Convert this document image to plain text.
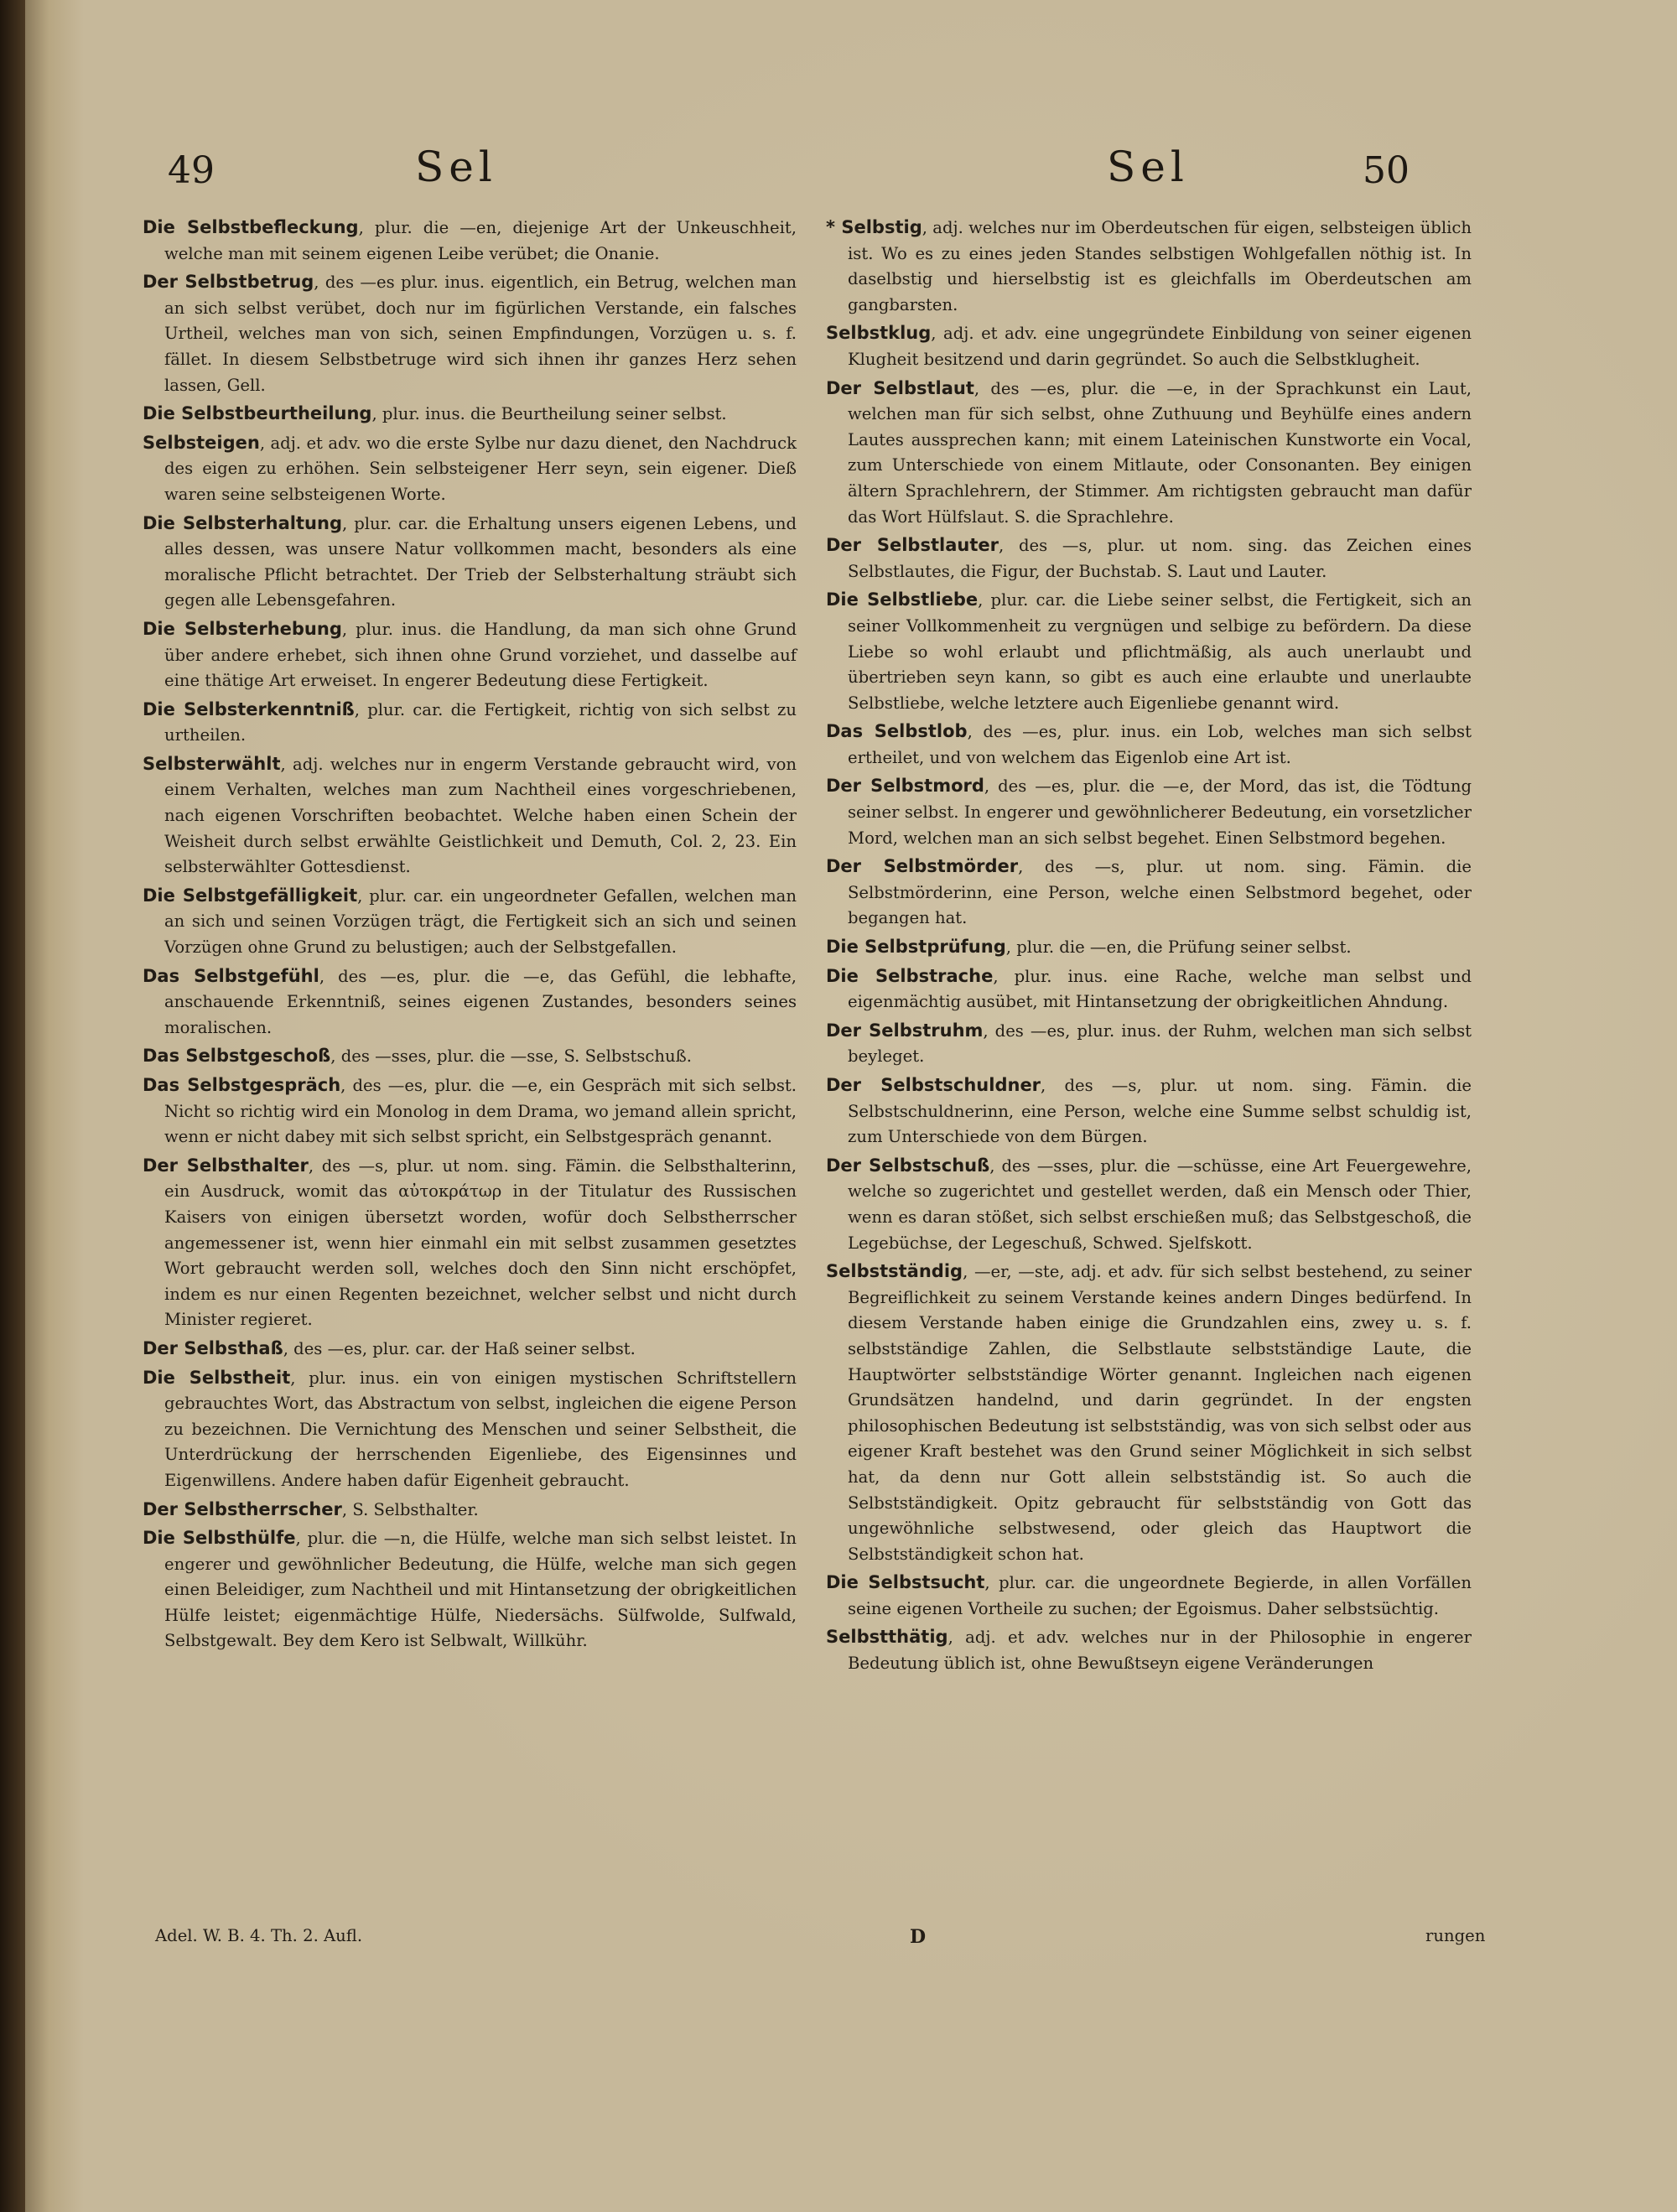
49	Sel	Sel	50
Die Selbstbefleckung, plur. die —en, diejenige Art der Unkeuschheit, welche man mit seinem eigenen Leibe verübet; die Onanie.
Der Selbstbetrug, des —es plur. inus. eigentlich, ein Betrug, welchen man an sich selbst verübet, doch nur im figürlichen Verstande, ein falsches Urtheil, welches man von sich, seinen Empfindungen, Vorzügen u. s. f. fället. In diesem Selbstbetruge wird sich ihnen ihr ganzes Herz sehen lassen, Gell.
Die Selbstbeurtheilung, plur. inus. die Beurtheilung seiner selbst.
Selbsteigen, adj. et adv. wo die erste Sylbe nur dazu dienet, den Nachdruck des eigen zu erhöhen. Sein selbsteigener Herr seyn, sein eigener. Dieß waren seine selbsteigenen Worte.
Die Selbsterhaltung, plur. car. die Erhaltung unsers eigenen Lebens, und alles dessen, was unsere Natur vollkommen macht, besonders als eine moralische Pflicht betrachtet. Der Trieb der Selbsterhaltung sträubt sich gegen alle Lebensgefahren.
Die Selbsterhebung, plur. inus. die Handlung, da man sich ohne Grund über andere erhebet, sich ihnen ohne Grund vorziehet, und dasselbe auf eine thätige Art erweiset. In engerer Bedeutung diese Fertigkeit.
Die Selbsterkenntniß, plur. car. die Fertigkeit, richtig von sich selbst zu urtheilen.
Selbsterwählt, adj. welches nur in engerm Verstande gebraucht wird, von einem Verhalten, welches man zum Nachtheil eines vorgeschriebenen, nach eigenen Vorschriften beobachtet. Welche haben einen Schein der Weisheit durch selbst erwählte Geistlichkeit und Demuth, Col. 2, 23. Ein selbsterwählter Gottesdienst.
Die Selbstgefälligkeit, plur. car. ein ungeordneter Gefallen, welchen man an sich und seinen Vorzügen trägt, die Fertigkeit sich an sich und seinen Vorzügen ohne Grund zu belustigen; auch der Selbstgefallen.
Das Selbstgefühl, des —es, plur. die —e, das Gefühl, die lebhafte, anschauende Erkenntniß, seines eigenen Zustandes, besonders seines moralischen.
Das Selbstgeschoß, des —sses, plur. die —sse, S. Selbstschuß.
Das Selbstgespräch, des —es, plur. die —e, ein Gespräch mit sich selbst. Nicht so richtig wird ein Monolog in dem Drama, wo jemand allein spricht, wenn er nicht dabey mit sich selbst spricht, ein Selbstgespräch genannt.
Der Selbsthalter, des —s, plur. ut nom. sing. Fämin. die Selbsthalterinn, ein Ausdruck, womit das αὐτοκράτωρ in der Titulatur des Russischen Kaisers von einigen übersetzt worden, wofür doch Selbstherrscher angemessener ist, wenn hier einmahl ein mit selbst zusammen gesetztes Wort gebraucht werden soll, welches doch den Sinn nicht erschöpfet, indem es nur einen Regenten bezeichnet, welcher selbst und nicht durch Minister regieret.
Der Selbsthaß, des —es, plur. car. der Haß seiner selbst.
Die Selbstheit, plur. inus. ein von einigen mystischen Schriftstellern gebrauchtes Wort, das Abstractum von selbst, ingleichen die eigene Person zu bezeichnen. Die Vernichtung des Menschen und seiner Selbstheit, die Unterdrückung der herrschenden Eigenliebe, des Eigensinnes und Eigenwillens. Andere haben dafür Eigenheit gebraucht.
Der Selbstherrscher, S. Selbsthalter.
Die Selbsthülfe, plur. die —n, die Hülfe, welche man sich selbst leistet. In engerer und gewöhnlicher Bedeutung, die Hülfe, welche man sich gegen einen Beleidiger, zum Nachtheil und mit Hintansetzung der obrigkeitlichen Hülfe leistet; eigenmächtige Hülfe, Niedersächs. Sülfwolde, Sulfwald, Selbstgewalt. Bey dem Kero ist Selbwalt, Willkühr.
* Selbstig, adj. welches nur im Oberdeutschen für eigen, selbsteigen üblich ist. Wo es zu eines jeden Standes selbstigen Wohlgefallen nöthig ist. In daselbstig und hierselbstig ist es gleichfalls im Oberdeutschen am gangbarsten.
Selbstklug, adj. et adv. eine ungegründete Einbildung von seiner eigenen Klugheit besitzend und darin gegründet. So auch die Selbstklugheit.
Der Selbstlaut, des —es, plur. die —e, in der Sprachkunst ein Laut, welchen man für sich selbst, ohne Zuthuung und Beyhülfe eines andern Lautes aussprechen kann; mit einem Lateinischen Kunstworte ein Vocal, zum Unterschiede von einem Mitlaute, oder Consonanten. Bey einigen ältern Sprachlehrern, der Stimmer. Am richtigsten gebraucht man dafür das Wort Hülfslaut. S. die Sprachlehre.
Der Selbstlauter, des —s, plur. ut nom. sing. das Zeichen eines Selbstlautes, die Figur, der Buchstab. S. Laut und Lauter.
Die Selbstliebe, plur. car. die Liebe seiner selbst, die Fertigkeit, sich an seiner Vollkommenheit zu vergnügen und selbige zu befördern. Da diese Liebe so wohl erlaubt und pflichtmäßig, als auch unerlaubt und übertrieben seyn kann, so gibt es auch eine erlaubte und unerlaubte Selbstliebe, welche letztere auch Eigenliebe genannt wird.
Das Selbstlob, des —es, plur. inus. ein Lob, welches man sich selbst ertheilet, und von welchem das Eigenlob eine Art ist.
Der Selbstmord, des —es, plur. die —e, der Mord, das ist, die Tödtung seiner selbst. In engerer und gewöhnlicherer Bedeutung, ein vorsetzlicher Mord, welchen man an sich selbst begehet. Einen Selbstmord begehen.
Der Selbstmörder, des —s, plur. ut nom. sing. Fämin. die Selbstmörderinn, eine Person, welche einen Selbstmord begehet, oder begangen hat.
Die Selbstprüfung, plur. die —en, die Prüfung seiner selbst.
Die Selbstrache, plur. inus. eine Rache, welche man selbst und eigenmächtig ausübet, mit Hintansetzung der obrigkeitlichen Ahndung.
Der Selbstruhm, des —es, plur. inus. der Ruhm, welchen man sich selbst beyleget.
Der Selbstschuldner, des —s, plur. ut nom. sing. Fämin. die Selbstschuldnerinn, eine Person, welche eine Summe selbst schuldig ist, zum Unterschiede von dem Bürgen.
Der Selbstschuß, des —sses, plur. die —schüsse, eine Art Feuergewehre, welche so zugerichtet und gestellet werden, daß ein Mensch oder Thier, wenn es daran stößet, sich selbst erschießen muß; das Selbstgeschoß, die Legebüchse, der Legeschuß, Schwed. Sjelfskott.
Selbstständig, —er, —ste, adj. et adv. für sich selbst bestehend, zu seiner Begreiflichkeit zu seinem Verstande keines andern Dinges bedürfend. In diesem Verstande haben einige die Grundzahlen eins, zwey u. s. f. selbstständige Zahlen, die Selbstlaute selbstständige Laute, die Hauptwörter selbstständige Wörter genannt. Ingleichen nach eigenen Grundsätzen handelnd, und darin gegründet. In der engsten philosophischen Bedeutung ist selbstständig, was von sich selbst oder aus eigener Kraft bestehet was den Grund seiner Möglichkeit in sich selbst hat, da denn nur Gott allein selbstständig ist. So auch die Selbstständigkeit. Opitz gebraucht für selbstständig von Gott das ungewöhnliche selbstwesend, oder gleich das Hauptwort die Selbstständigkeit schon hat.
Die Selbstsucht, plur. car. die ungeordnete Begierde, in allen Vorfällen seine eigenen Vortheile zu suchen; der Egoismus. Daher selbstsüchtig.
Selbstthätig, adj. et adv. welches nur in der Philosophie in engerer Bedeutung üblich ist, ohne Bewußtseyn eigene Veränderungen
Adel. W. B. 4. Th. 2. Aufl.	D	rungen
